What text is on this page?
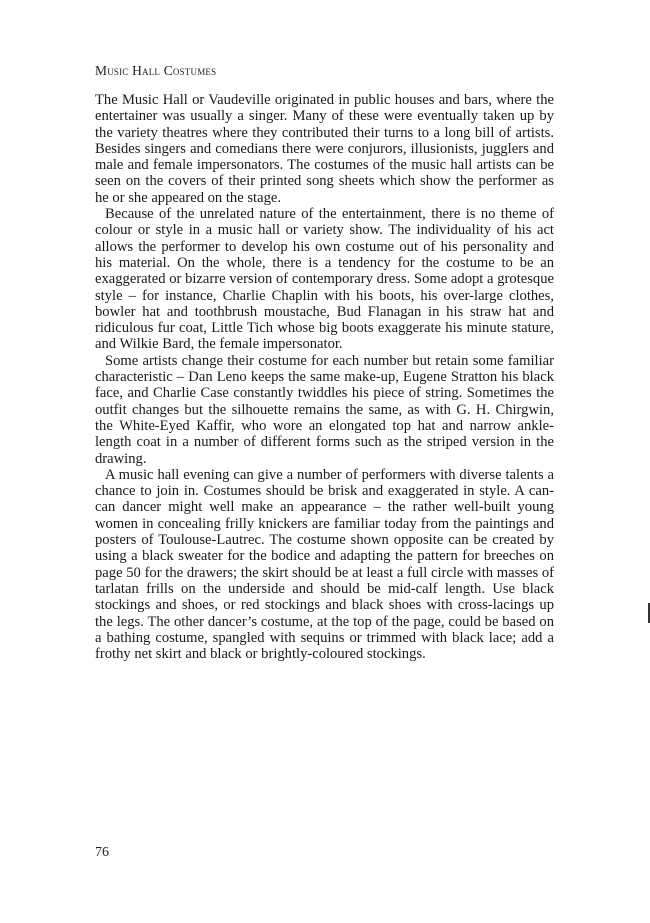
Music Hall Costumes

The Music Hall or Vaudeville originated in public houses and bars, where the entertainer was usually a singer. Many of these were eventually taken up by the variety theatres where they contributed their turns to a long bill of artists. Besides singers and comedians there were conjurors, illusionists, jugglers and male and female impersonators. The costumes of the music hall artists can be seen on the covers of their printed song sheets which show the performer as he or she appeared on the stage.

Because of the unrelated nature of the entertainment, there is no theme of colour or style in a music hall or variety show. The individuality of his act allows the performer to develop his own costume out of his personality and his material. On the whole, there is a tendency for the costume to be an exaggerated or bizarre version of contemporary dress. Some adopt a grotesque style – for instance, Charlie Chaplin with his boots, his over-large clothes, bowler hat and toothbrush moustache, Bud Flanagan in his straw hat and ridiculous fur coat, Little Tich whose big boots exaggerate his minute stature, and Wilkie Bard, the female impersonator.

Some artists change their costume for each number but retain some familiar characteristic – Dan Leno keeps the same make-up, Eugene Stratton his black face, and Charlie Case constantly twiddles his piece of string. Sometimes the outfit changes but the silhouette remains the same, as with G. H. Chirgwin, the White-Eyed Kaffir, who wore an elongated top hat and narrow ankle-length coat in a number of different forms such as the striped version in the drawing.

A music hall evening can give a number of performers with diverse talents a chance to join in. Costumes should be brisk and exaggerated in style. A can-can dancer might well make an appearance – the rather well-built young women in concealing frilly knickers are familiar today from the paintings and posters of Toulouse-Lautrec. The costume shown opposite can be created by using a black sweater for the bodice and adapting the pattern for breeches on page 50 for the drawers; the skirt should be at least a full circle with masses of tarlatan frills on the underside and should be mid-calf length. Use black stockings and shoes, or red stockings and black shoes with cross-lacings up the legs. The other dancer’s costume, at the top of the page, could be based on a bathing costume, spangled with sequins or trimmed with black lace; add a frothy net skirt and black or brightly-coloured stockings.

76
